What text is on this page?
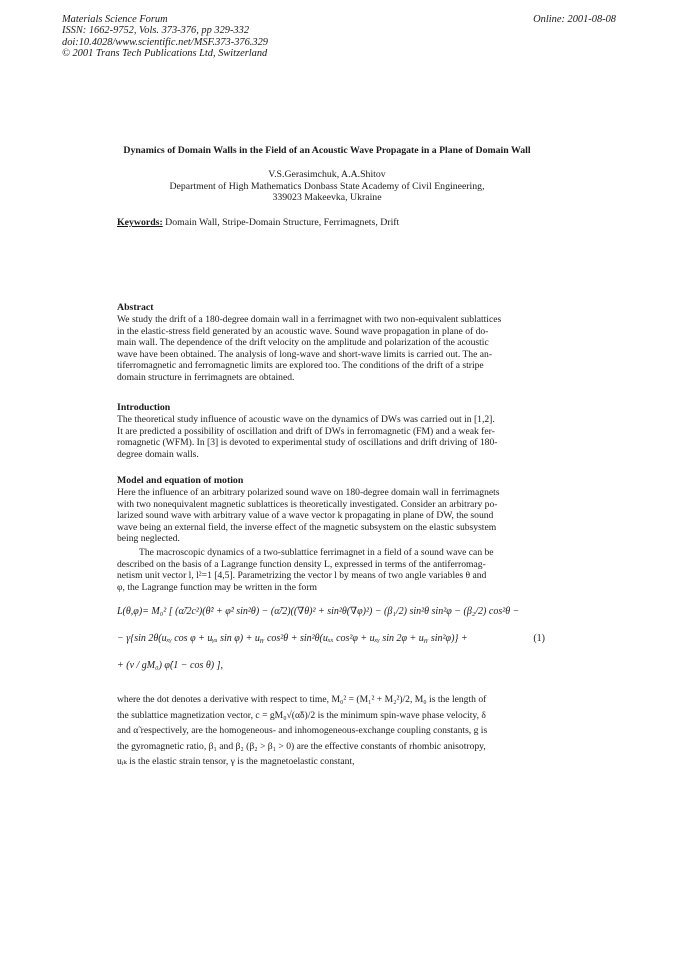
Materials Science Forum
ISSN: 1662-9752, Vols. 373-376, pp 329-332
doi:10.4028/www.scientific.net/MSF.373-376.329
© 2001 Trans Tech Publications Ltd, Switzerland
Online: 2001-08-08
Dynamics of Domain Walls in the Field of an Acoustic Wave Propagate in a Plane of Domain Wall
V.S.Gerasimchuk, A.A.Shitov
Department of High Mathematics Donbass State Academy of Civil Engineering,
339023 Makeevka, Ukraine
Keywords: Domain Wall, Stripe-Domain Structure, Ferrimagnets, Drift
Abstract
We study the drift of a 180-degree domain wall in a ferrimagnet with two non-equivalent sublattices
in the elastic-stress field generated by an acoustic wave. Sound wave propagation in plane of do-
main wall. The dependence of the drift velocity on the amplitude and polarization of the acoustic
wave have been obtained. The analysis of long-wave and short-wave limits is carried out. The an-
tiferromagnetic and ferromagnetic limits are explored too. The conditions of the drift of a stripe
domain structure in ferrimagnets are obtained.
Introduction
The theoretical study influence of acoustic wave on the dynamics of DWs was carried out in [1,2].
It are predicted a possibility of oscillation and drift of DWs in ferromagnetic (FM) and a weak fer-
romagnetic (WFM). In [3] is devoted to experimental study of oscillations and drift driving of 180-
degree domain walls.
Model and equation of motion
Here the influence of an arbitrary polarized sound wave on 180-degree domain wall in ferrimagnets
with two nonequivalent magnetic sublattices is theoretically investigated. Consider an arbitrary po-
larized sound wave with arbitrary value of a wave vector k propagating in plane of DW, the sound
wave being an external field, the inverse effect of the magnetic subsystem on the elastic subsystem
being neglected.
The macroscopic dynamics of a two-sublattice ferrimagnet in a field of a sound wave can be
described on the basis of a Lagrange function density L, expressed in terms of the antiferromag-
netism unit vector l, l²=1 [4,5]. Parametrizing the vector l by means of two angle variables θ and
φ, the Lagrange function may be written in the form
L(θ,φ)= M₀² [ (α̃/2c²)(θ̇² + φ̇² sin²θ) − (α̃/2)((∇θ)² + sin²θ(∇φ)²) − (β₁/2) sin²θ sin²φ − (β₂/2) cos²θ −
− γ{sin 2θ(uₓᵧ cos φ + uᵧᵤ sin φ) + uᵧᵧ cos²θ + sin²θ(uₓₓ cos²φ + uₓᵧ sin 2φ + uᵧᵧ sin²φ)} +	(1)
+ (ν / gM₀) φ̇(1 − cos θ) ],
where the dot denotes a derivative with respect to time, M₀² = (M₁² + M₂²)/2, M₀ is the length of
the sublattice magnetization vector, c = gM₀√(α̃δ)/2 is the minimum spin-wave phase velocity, δ
and α̃ respectively, are the homogeneous- and inhomogeneous-exchange coupling constants, g is
the gyromagnetic ratio, β₁ and β₂ (β₂ > β₁ > 0) are the effective constants of rhombic anisotropy,
uᵢₖ is the elastic strain tensor, γ is the magnetoelastic constant,
